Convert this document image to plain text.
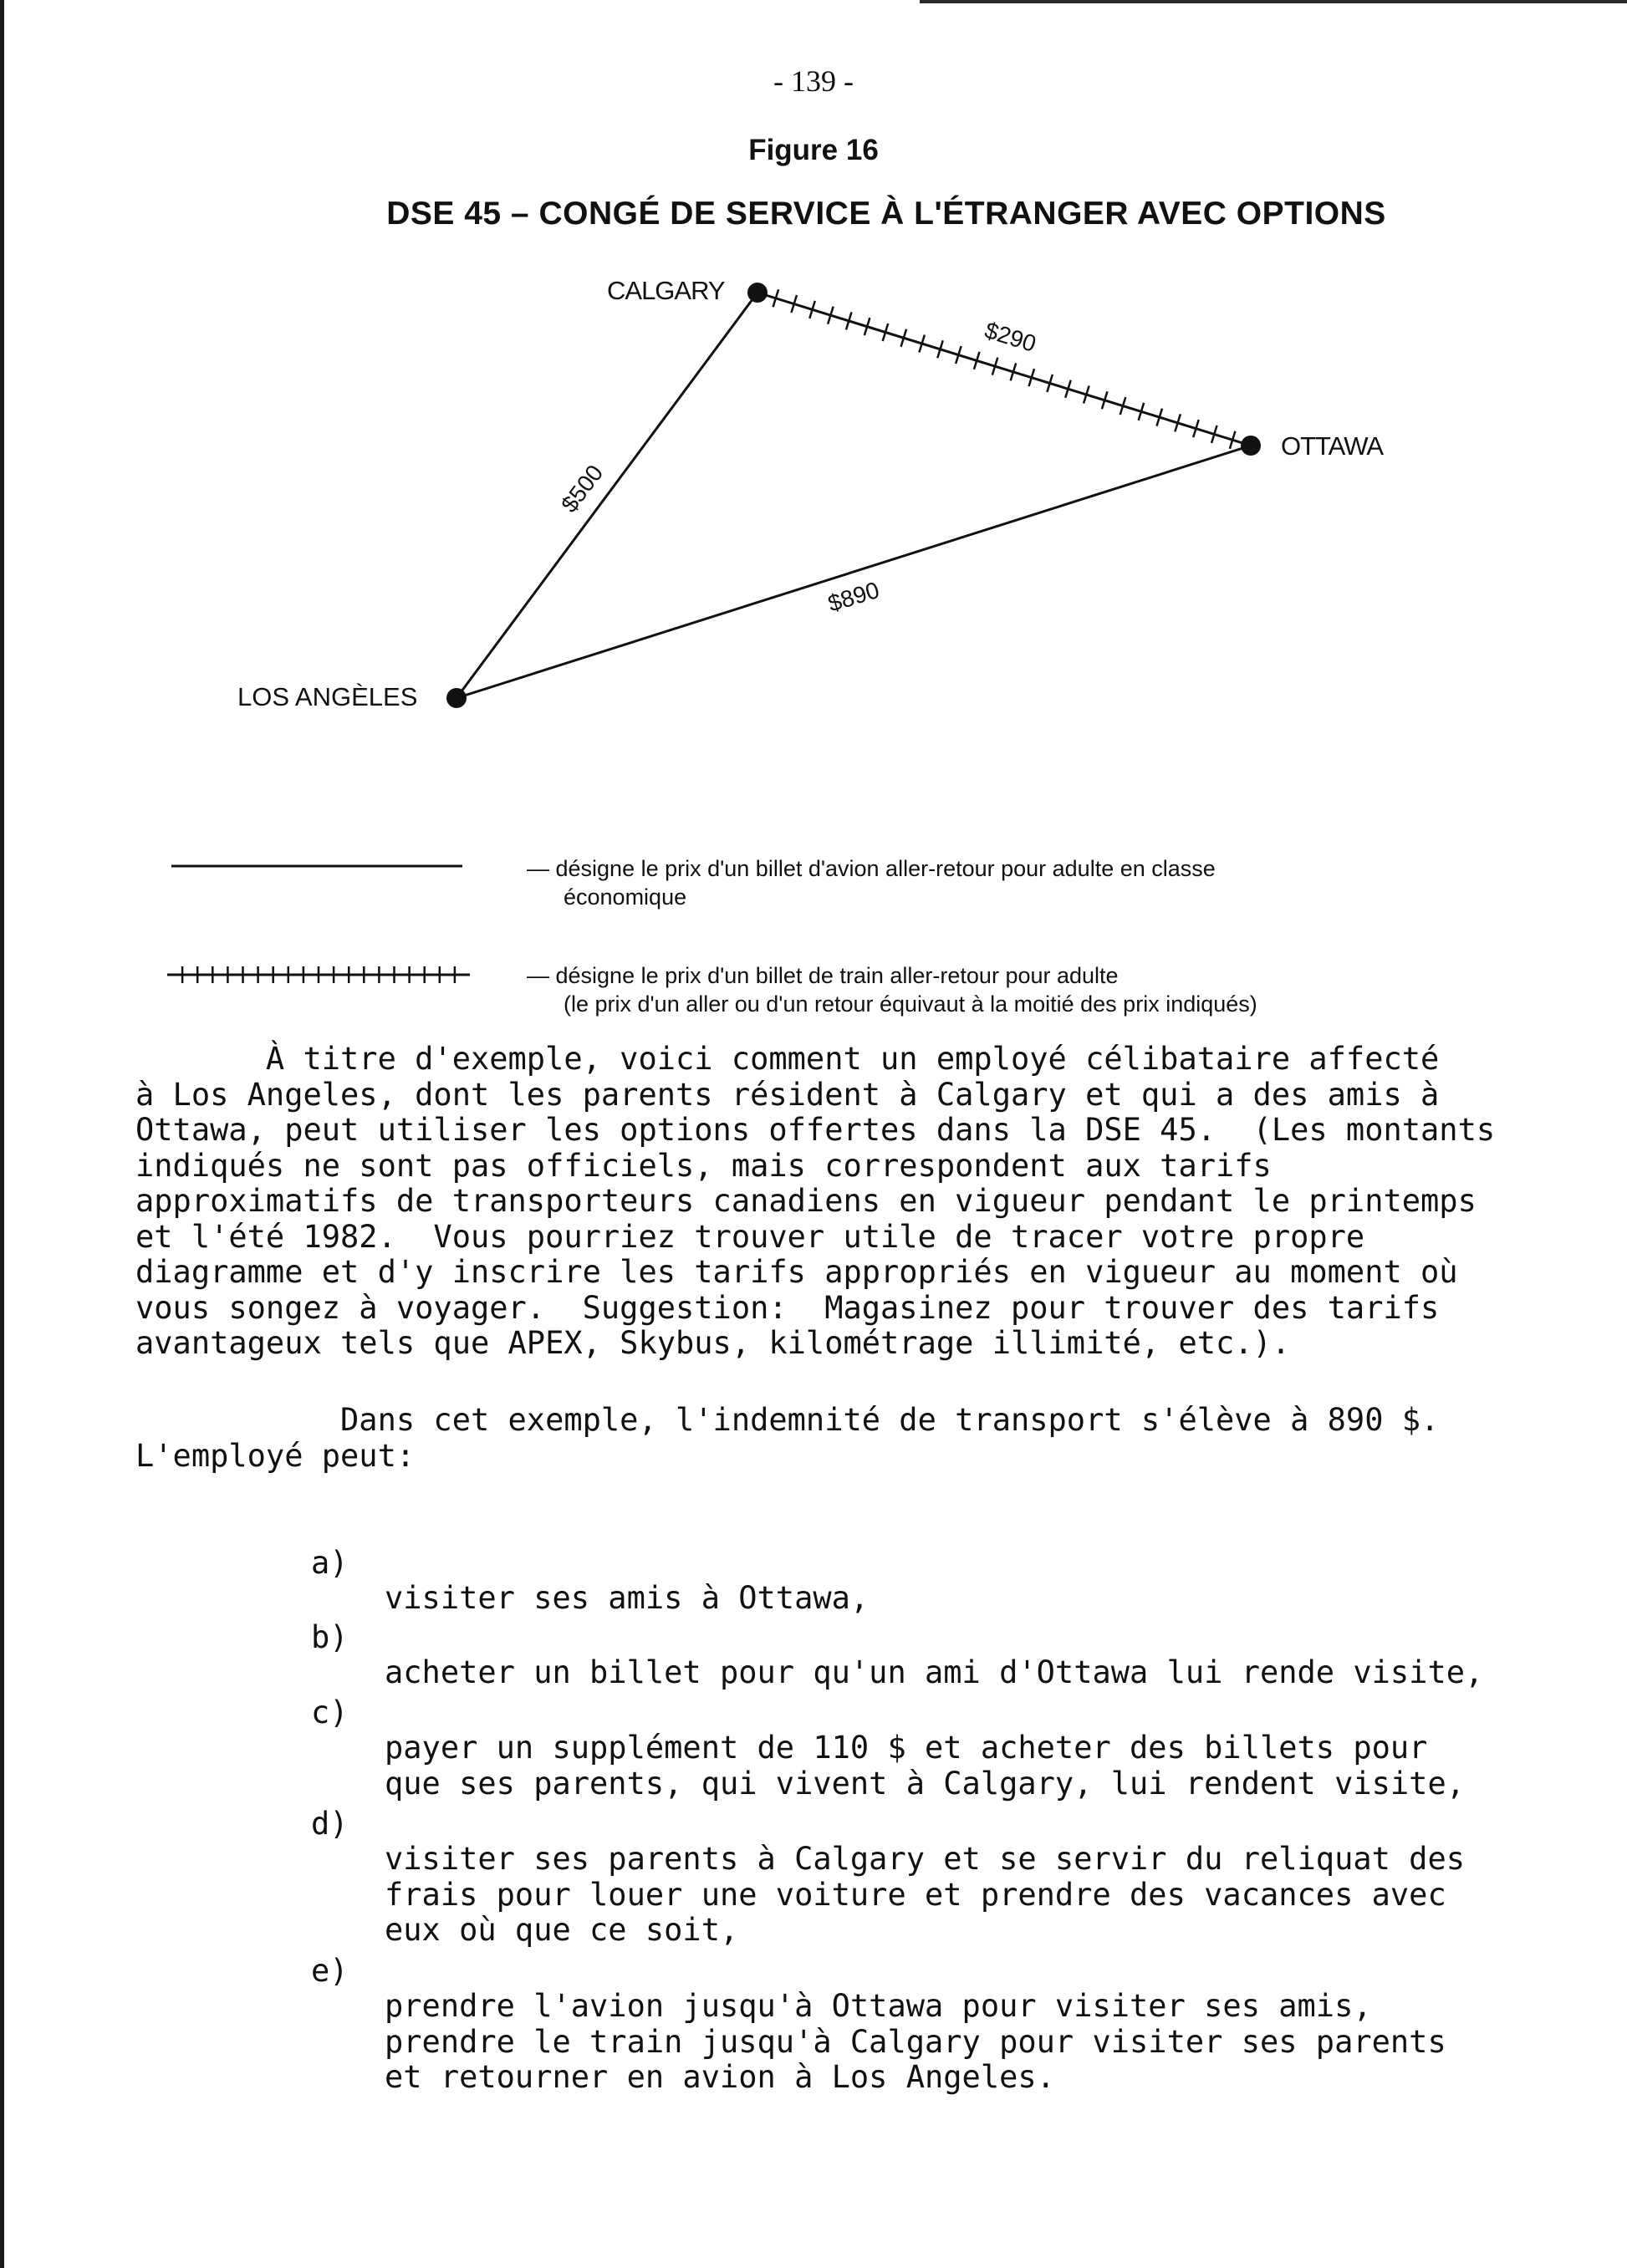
- 139 -
Figure 16
DSE 45 – CONGÉ DE SERVICE À L'ÉTRANGER AVEC OPTIONS
CALGARY
OTTAWA
LOS ANGÈLES
$290
$500
$890
— désigne le prix d'un billet d'avion aller-retour pour adulte en classe
économique
— désigne le prix d'un billet de train aller-retour pour adulte
(le prix d'un aller ou d'un retour équivaut à la moitié des prix indiqués)
À titre d'exemple, voici comment un employé célibataire affecté
à Los Angeles, dont les parents résident à Calgary et qui a des amis à
Ottawa, peut utiliser les options offertes dans la DSE 45.  (Les montants
indiqués ne sont pas officiels, mais correspondent aux tarifs
approximatifs de transporteurs canadiens en vigueur pendant le printemps
et l'été 1982.  Vous pourriez trouver utile de tracer votre propre
diagramme et d'y inscrire les tarifs appropriés en vigueur au moment où
vous songez à voyager.  Suggestion:  Magasinez pour trouver des tarifs
avantageux tels que APEX, Skybus, kilométrage illimité, etc.).
Dans cet exemple, l'indemnité de transport s'élève à 890 $.
L'employé peut:

a)

visiter ses amis à Ottawa,

b)

acheter un billet pour qu'un ami d'Ottawa lui rende visite,

c)

payer un supplément de 110 $ et acheter des billets pour
que ses parents, qui vivent à Calgary, lui rendent visite,

d)

visiter ses parents à Calgary et se servir du reliquat des
frais pour louer une voiture et prendre des vacances avec
eux où que ce soit,

e)

prendre l'avion jusqu'à Ottawa pour visiter ses amis,
prendre le train jusqu'à Calgary pour visiter ses parents
et retourner en avion à Los Angeles.
